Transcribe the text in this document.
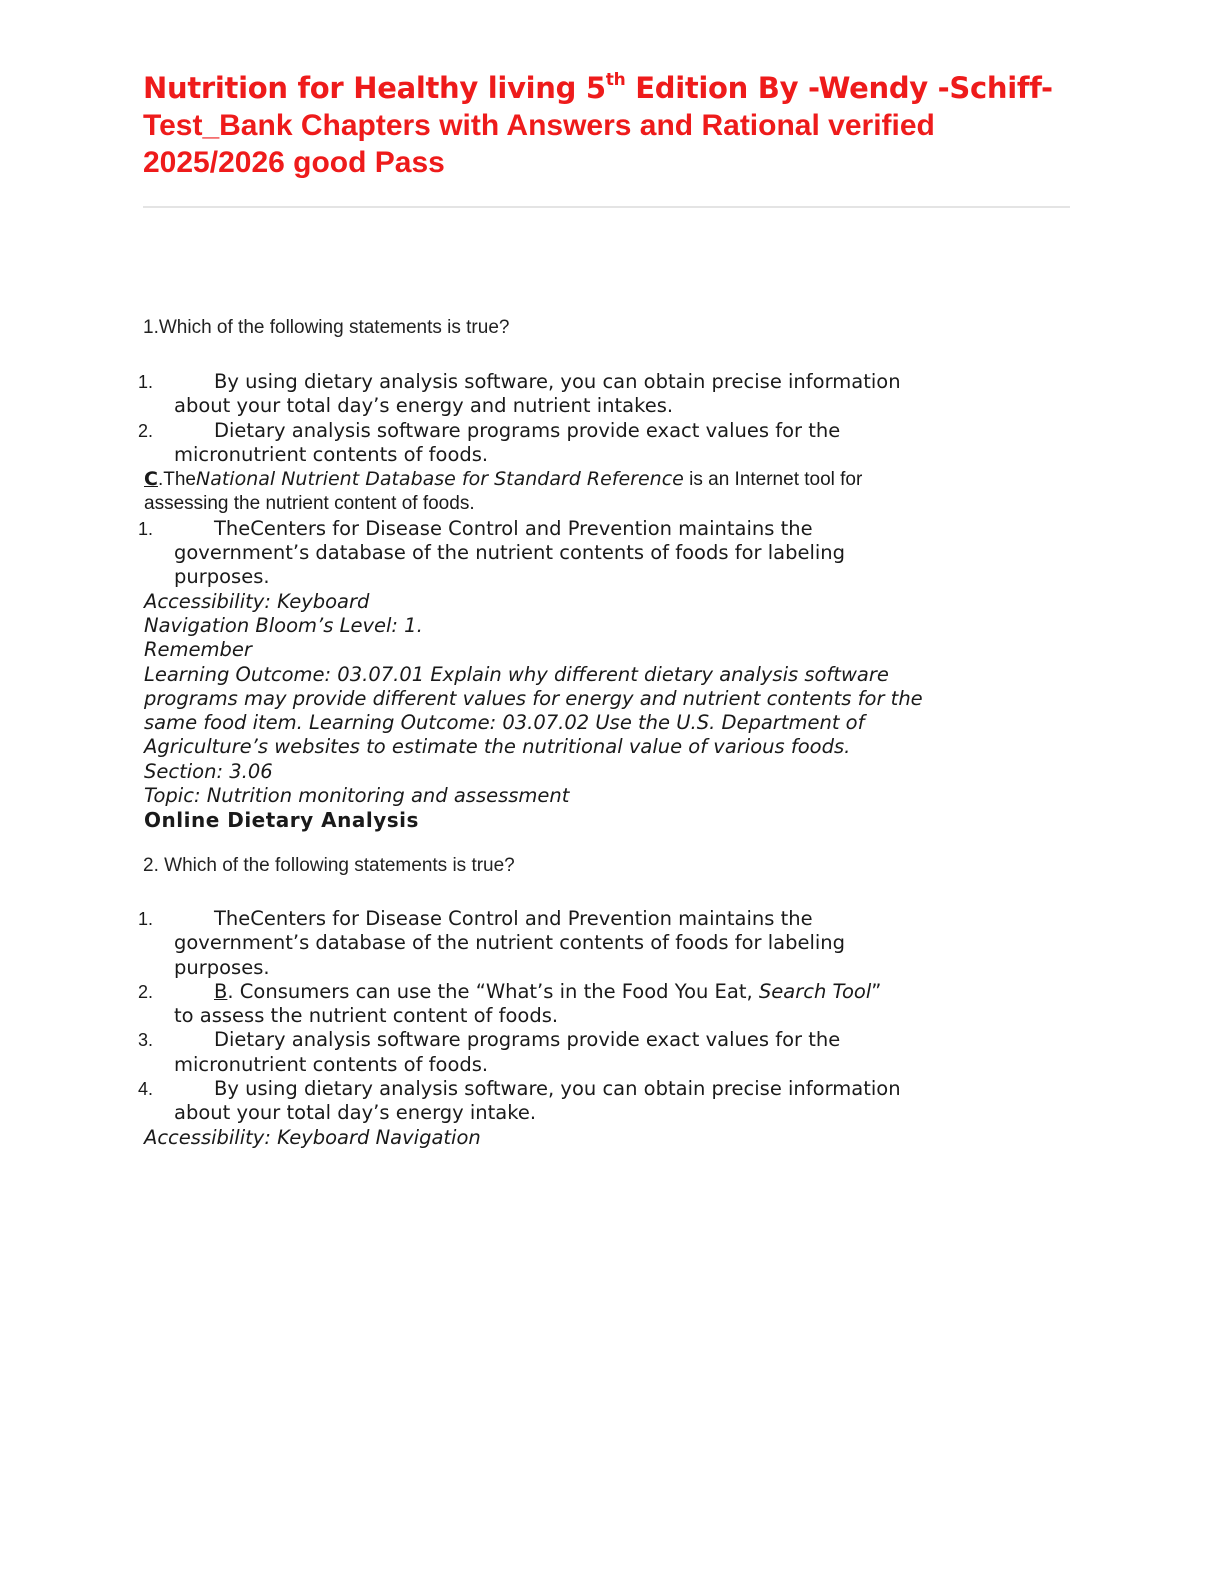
Nutrition for Healthy living 5th Edition By -Wendy -Schiff-
Test_Bank Chapters with Answers and Rational verified
2025/2026 good Pass
1.Which of the following statements is true?
1.	By using dietary analysis software, you can obtain precise information
about your total day’s energy and nutrient intakes.
2.	Dietary analysis software programs provide exact values for the
micronutrient contents of foods.
C.TheNational Nutrient Database for Standard Reference is an Internet tool for
assessing the nutrient content of foods.
1.	TheCenters for Disease Control and Prevention maintains the
government’s database of the nutrient contents of foods for labeling
purposes.
Accessibility: Keyboard
Navigation Bloom’s Level: 1.
Remember
Learning Outcome: 03.07.01 Explain why different dietary analysis software
programs may provide different values for energy and nutrient contents for the
same food item. Learning Outcome: 03.07.02 Use the U.S. Department of
Agriculture’s websites to estimate the nutritional value of various foods.
Section: 3.06
Topic: Nutrition monitoring and assessment
Online Dietary Analysis
2. Which of the following statements is true?
1.	TheCenters for Disease Control and Prevention maintains the
government’s database of the nutrient contents of foods for labeling
purposes.
2.	B. Consumers can use the “What’s in the Food You Eat, Search Tool”
to assess the nutrient content of foods.
3.	Dietary analysis software programs provide exact values for the
micronutrient contents of foods.
4.	By using dietary analysis software, you can obtain precise information
about your total day’s energy intake.
Accessibility: Keyboard Navigation
